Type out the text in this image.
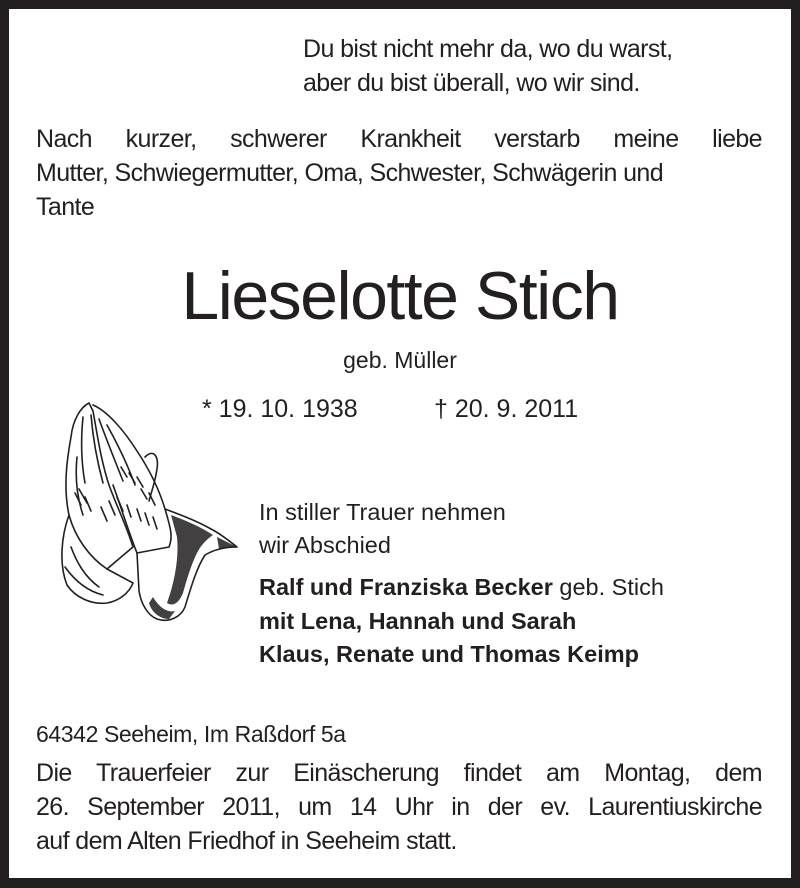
Du bist nicht mehr da, wo du warst,
aber du bist überall, wo wir sind.
Nach kurzer, schwerer Krankheit verstarb meine liebe
Mutter, Schwiegermutter, Oma, Schwester, Schwägerin und
Tante
Lieselotte Stich
geb. Müller
* 19. 10. 1938	† 20. 9. 2011
In stiller Trauer nehmen
wir Abschied
Ralf und Franziska Becker geb. Stich
mit Lena, Hannah und Sarah
Klaus, Renate und Thomas Keimp
64342 Seeheim, Im Raßdorf 5a
Die Trauerfeier zur Einäscherung findet am Montag, dem
26. September 2011, um 14 Uhr in der ev. Laurentiuskirche
auf dem Alten Friedhof in Seeheim statt.
